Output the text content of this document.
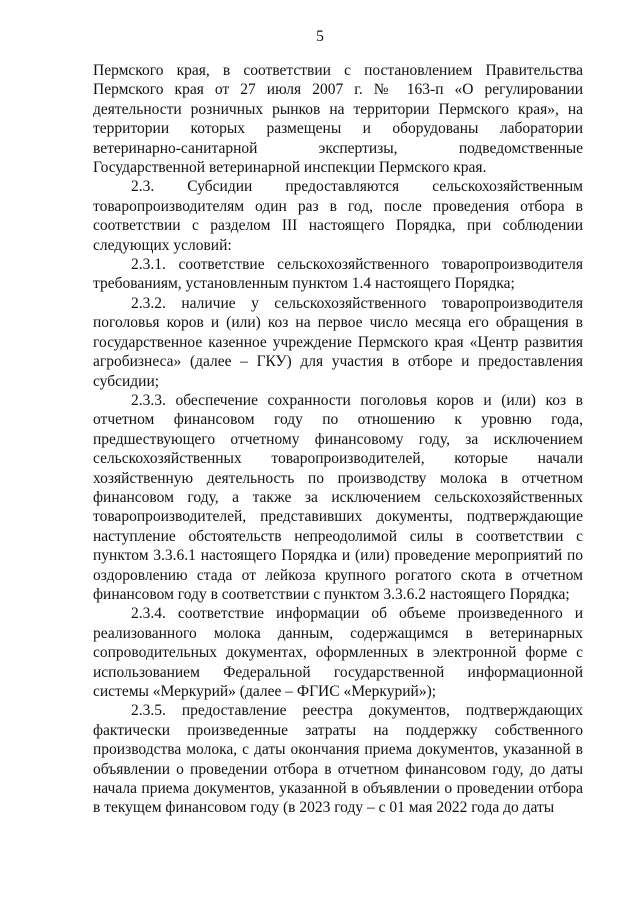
5

Пермского края, в соответствии с постановлением Правительства Пермского края от 27 июля 2007 г. № 163-п «О регулировании деятельности розничных рынков на территории Пермского края», на территории которых размещены и оборудованы лаборатории ветеринарно-санитарной экспертизы, подведомственные Государственной ветеринарной инспекции Пермского края.

2.3. Субсидии предоставляются сельскохозяйственным товаропроизводителям один раз в год, после проведения отбора в соответствии с разделом III настоящего Порядка, при соблюдении следующих условий:

2.3.1. соответствие сельскохозяйственного товаропроизводителя требованиям, установленным пунктом 1.4 настоящего Порядка;

2.3.2. наличие у сельскохозяйственного товаропроизводителя поголовья коров и (или) коз на первое число месяца его обращения в государственное казенное учреждение Пермского края «Центр развития агробизнеса» (далее – ГКУ) для участия в отборе и предоставления субсидии;

2.3.3. обеспечение сохранности поголовья коров и (или) коз в отчетном финансовом году по отношению к уровню года, предшествующего отчетному финансовому году, за исключением сельскохозяйственных товаропроизводителей, которые начали хозяйственную деятельность по производству молока в отчетном финансовом году, а также за исключением сельскохозяйственных товаропроизводителей, представивших документы, подтверждающие наступление обстоятельств непреодолимой силы в соответствии с пунктом 3.3.6.1 настоящего Порядка и (или) проведение мероприятий по оздоровлению стада от лейкоза крупного рогатого скота в отчетном финансовом году в соответствии с пунктом 3.3.6.2 настоящего Порядка;

2.3.4. соответствие информации об объеме произведенного и реализованного молока данным, содержащимся в ветеринарных сопроводительных документах, оформленных в электронной форме с использованием Федеральной государственной информационной системы «Меркурий» (далее – ФГИС «Меркурий»);

2.3.5. предоставление реестра документов, подтверждающих фактически произведенные затраты на поддержку собственного производства молока, с даты окончания приема документов, указанной в объявлении о проведении отбора в отчетном финансовом году, до даты начала приема документов, указанной в объявлении о проведении отбора в текущем финансовом году (в 2023 году – с 01 мая 2022 года до даты
